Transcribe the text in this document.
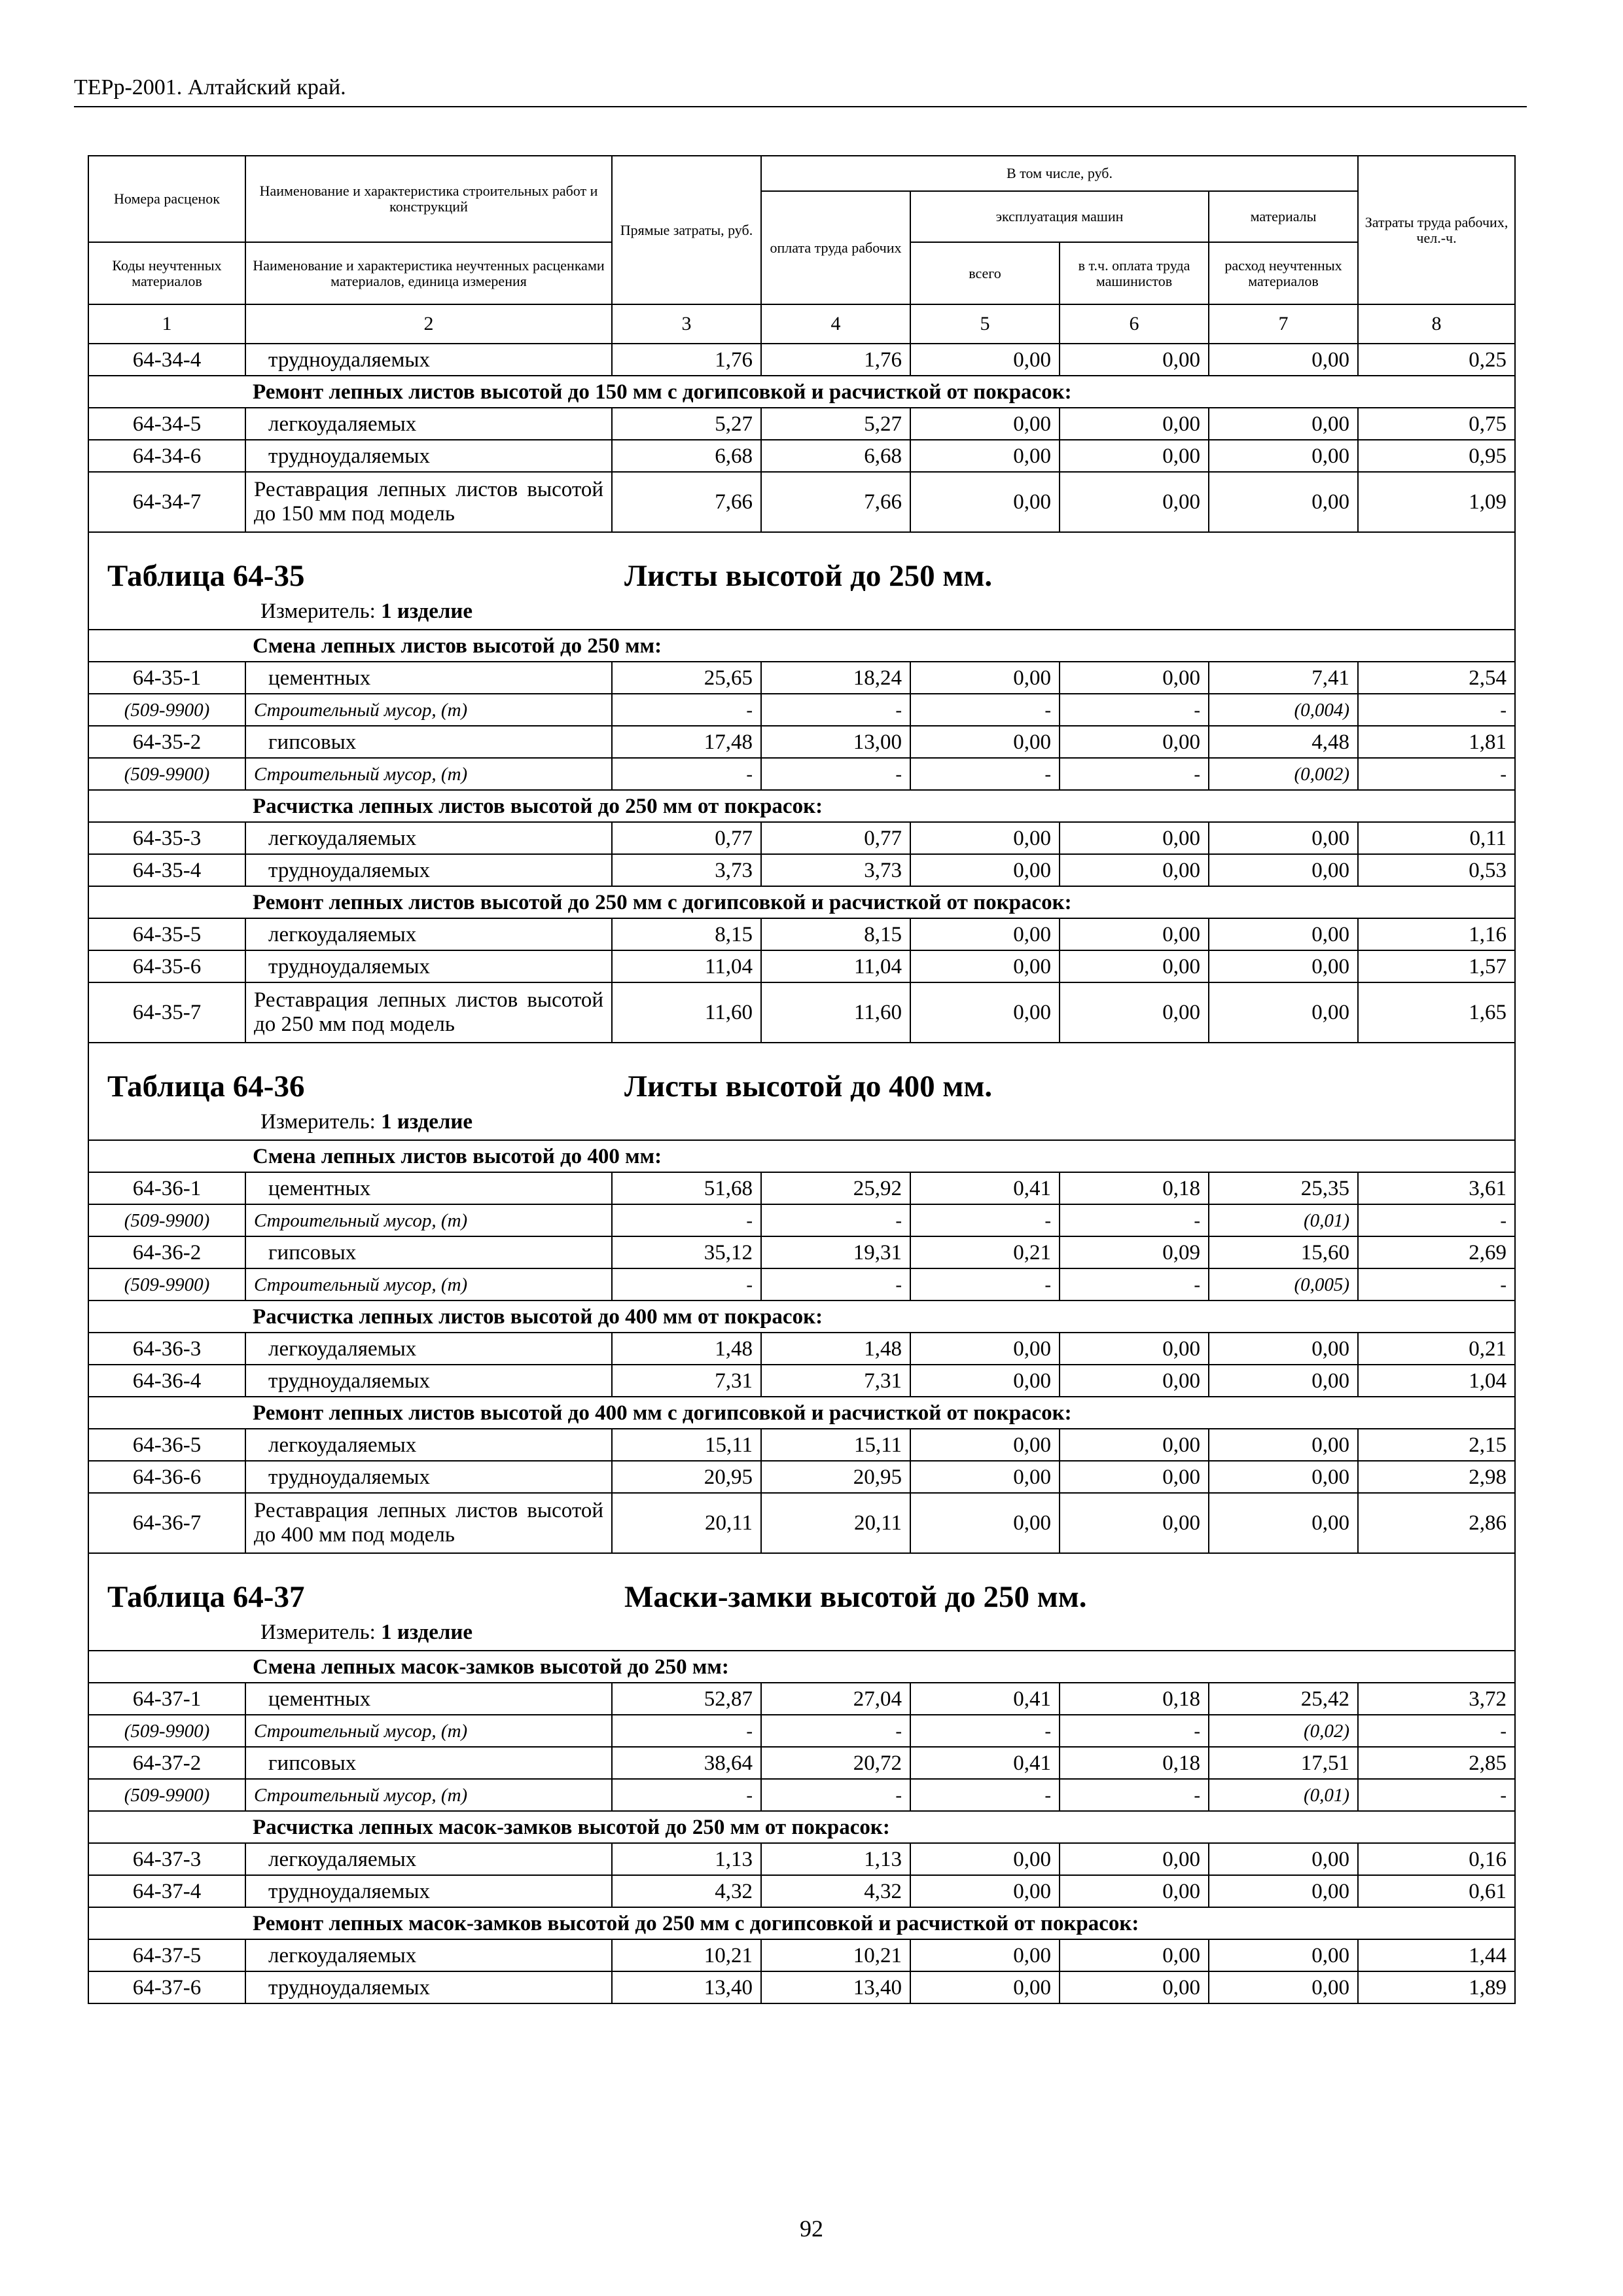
ТЕРр-2001. Алтайский край.
Номера расценок	Наименование и характеристика строительных работ и конструкций	Прямые затраты, руб.	В том числе, руб.				Затраты труда рабочих, чел.-ч.
			оплата труда рабочих	эксплуатация машин		материалы	
Коды неучтенных материалов	Наименование и характеристика неучтенных расценками материалов, единица измерения			всего	в т.ч. оплата труда машинистов	расход неучтенных материалов	
1	2	3	4	5	6	7	8
64-34-4	трудноудаляемых	1,76	1,76	0,00	0,00	0,00	0,25
Ремонт лепных листов высотой до 150 мм с догипсовкой и расчисткой от покрасок:							
64-34-5	легкоудаляемых	5,27	5,27	0,00	0,00	0,00	0,75
64-34-6	трудноудаляемых	6,68	6,68	0,00	0,00	0,00	0,95
64-34-7	Реставрация лепных листов высотой до 150 мм под модель	7,66	7,66	0,00	0,00	0,00	1,09

Таблица 64-35 Листы высотой до 250 мм.							

Измеритель: 1 изделие							

Смена лепных листов высотой до 250 мм:							
64-35-1	цементных	25,65	18,24	0,00	0,00	7,41	2,54
(509-9900)	Строительный мусор, (т)	-	-	-	-	(0,004)	-
64-35-2	гипсовых	17,48	13,00	0,00	0,00	4,48	1,81
(509-9900)	Строительный мусор, (т)	-	-	-	-	(0,002)	-
Расчистка лепных листов высотой до 250 мм от покрасок:							
64-35-3	легкоудаляемых	0,77	0,77	0,00	0,00	0,00	0,11
64-35-4	трудноудаляемых	3,73	3,73	0,00	0,00	0,00	0,53
Ремонт лепных листов высотой до 250 мм с догипсовкой и расчисткой от покрасок:							
64-35-5	легкоудаляемых	8,15	8,15	0,00	0,00	0,00	1,16
64-35-6	трудноудаляемых	11,04	11,04	0,00	0,00	0,00	1,57
64-35-7	Реставрация лепных листов высотой до 250 мм под модель	11,60	11,60	0,00	0,00	0,00	1,65

Таблица 64-36 Листы высотой до 400 мм.							

Измеритель: 1 изделие							

Смена лепных листов высотой до 400 мм:							
64-36-1	цементных	51,68	25,92	0,41	0,18	25,35	3,61
(509-9900)	Строительный мусор, (т)	-	-	-	-	(0,01)	-
64-36-2	гипсовых	35,12	19,31	0,21	0,09	15,60	2,69
(509-9900)	Строительный мусор, (т)	-	-	-	-	(0,005)	-
Расчистка лепных листов высотой до 400 мм от покрасок:							
64-36-3	легкоудаляемых	1,48	1,48	0,00	0,00	0,00	0,21
64-36-4	трудноудаляемых	7,31	7,31	0,00	0,00	0,00	1,04
Ремонт лепных листов высотой до 400 мм с догипсовкой и расчисткой от покрасок:							
64-36-5	легкоудаляемых	15,11	15,11	0,00	0,00	0,00	2,15
64-36-6	трудноудаляемых	20,95	20,95	0,00	0,00	0,00	2,98
64-36-7	Реставрация лепных листов высотой до 400 мм под модель	20,11	20,11	0,00	0,00	0,00	2,86

Таблица 64-37 Маски-замки высотой до 250 мм.							

Измеритель: 1 изделие							

Смена лепных масок-замков высотой до 250 мм:							
64-37-1	цементных	52,87	27,04	0,41	0,18	25,42	3,72
(509-9900)	Строительный мусор, (т)	-	-	-	-	(0,02)	-
64-37-2	гипсовых	38,64	20,72	0,41	0,18	17,51	2,85
(509-9900)	Строительный мусор, (т)	-	-	-	-	(0,01)	-
Расчистка лепных масок-замков высотой до 250 мм от покрасок:							
64-37-3	легкоудаляемых	1,13	1,13	0,00	0,00	0,00	0,16
64-37-4	трудноудаляемых	4,32	4,32	0,00	0,00	0,00	0,61
Ремонт лепных масок-замков высотой до 250 мм с догипсовкой и расчисткой от покрасок:							
64-37-5	легкоудаляемых	10,21	10,21	0,00	0,00	0,00	1,44
64-37-6	трудноудаляемых	13,40	13,40	0,00	0,00	0,00	1,89
92
